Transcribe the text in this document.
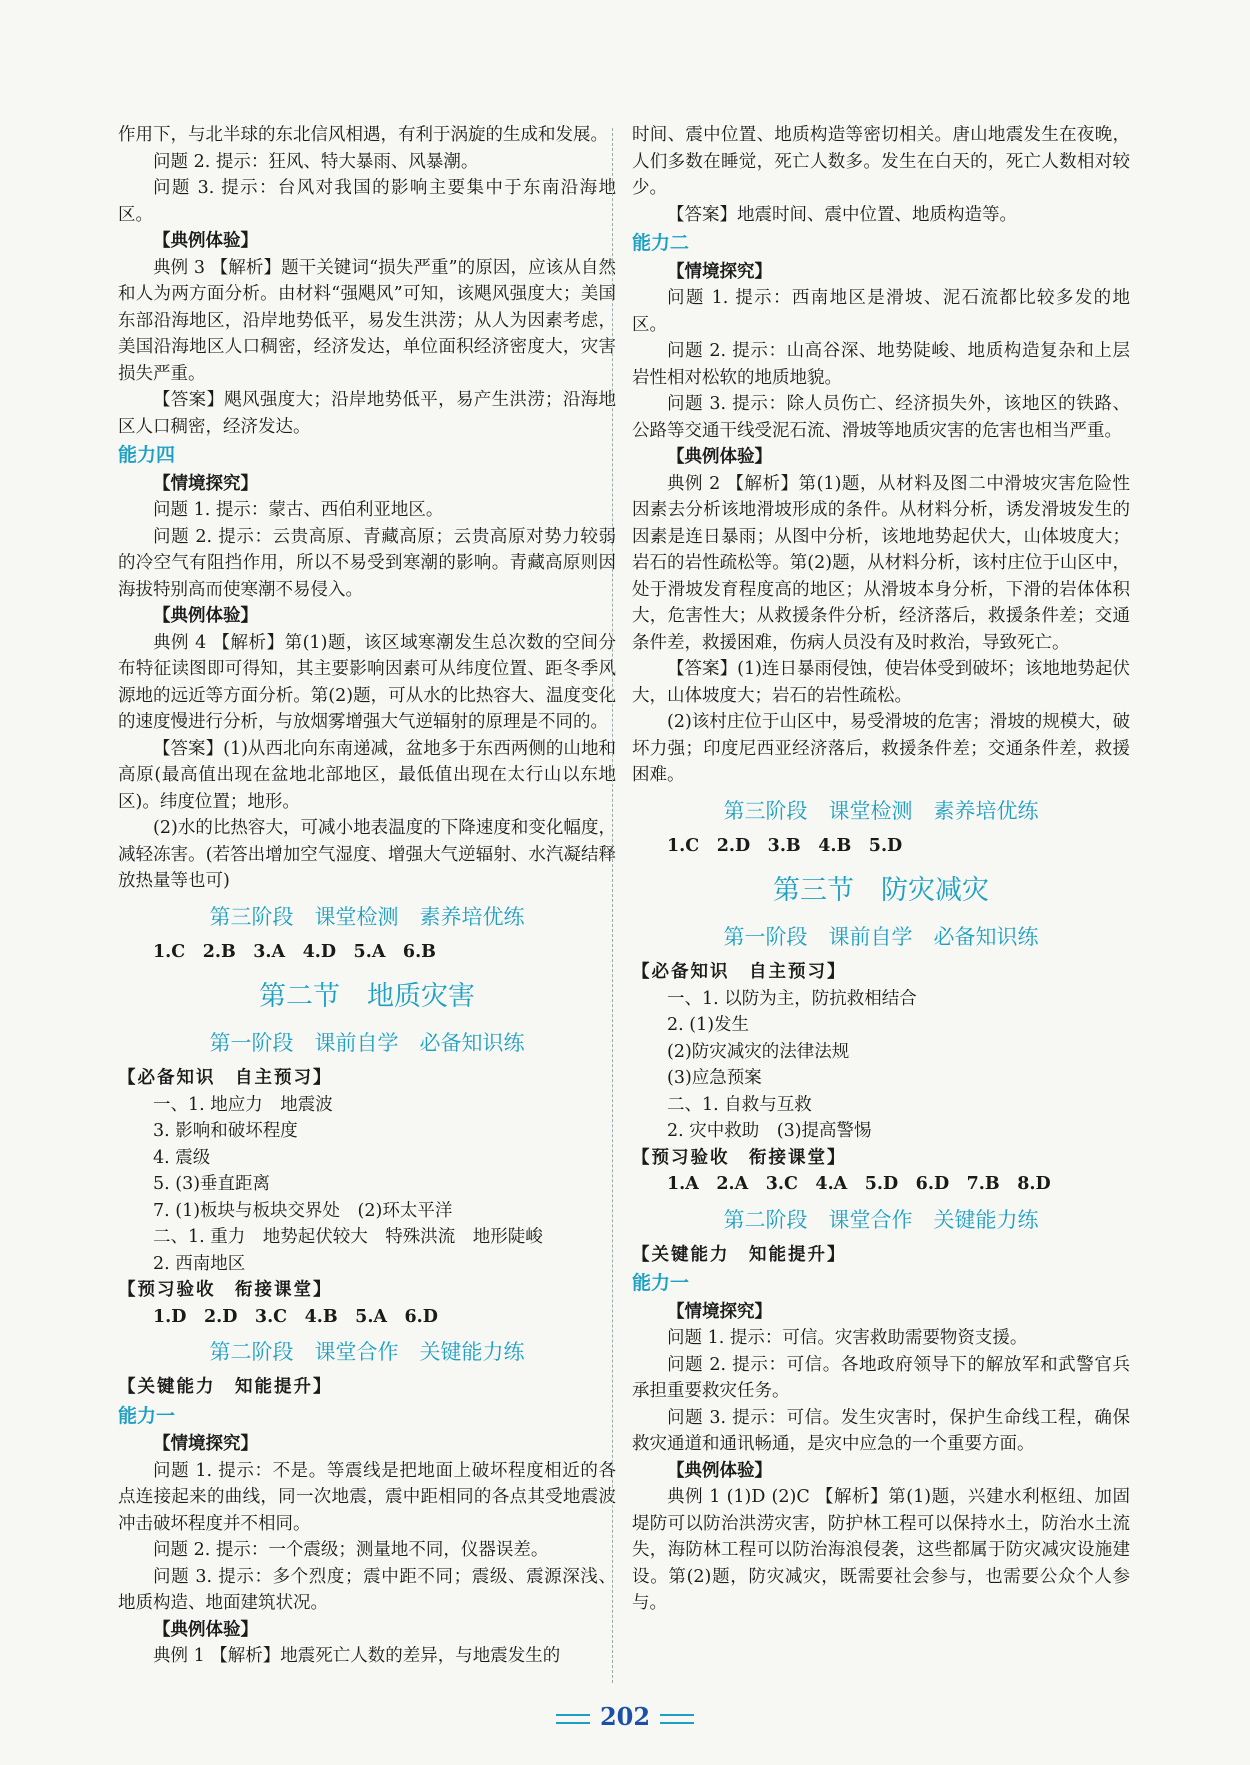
作用下，与北半球的东北信风相遇，有利于涡旋的生成和发展。
问题 2. 提示：狂风、特大暴雨、风暴潮。
问题 3. 提示：台风对我国的影响主要集中于东南沿海地区。
【典例体验】
典例 3 【解析】题干关键词“损失严重”的原因，应该从自然和人为两方面分析。由材料“强飓风”可知，该飓风强度大；美国东部沿海地区，沿岸地势低平，易发生洪涝；从人为因素考虑，美国沿海地区人口稠密，经济发达，单位面积经济密度大，灾害损失严重。
【答案】飓风强度大；沿岸地势低平，易产生洪涝；沿海地区人口稠密，经济发达。
能力四
【情境探究】
问题 1. 提示：蒙古、西伯利亚地区。
问题 2. 提示：云贵高原、青藏高原；云贵高原对势力较弱的冷空气有阻挡作用，所以不易受到寒潮的影响。青藏高原则因海拔特别高而使寒潮不易侵入。
【典例体验】
典例 4 【解析】第(1)题，该区域寒潮发生总次数的空间分布特征读图即可得知，其主要影响因素可从纬度位置、距冬季风源地的远近等方面分析。第(2)题，可从水的比热容大、温度变化的速度慢进行分析，与放烟雾增强大气逆辐射的原理是不同的。
【答案】(1)从西北向东南递减，盆地多于东西两侧的山地和高原(最高值出现在盆地北部地区，最低值出现在太行山以东地区)。纬度位置；地形。
(2)水的比热容大，可减小地表温度的下降速度和变化幅度，减轻冻害。(若答出增加空气湿度、增强大气逆辐射、水汽凝结释放热量等也可)
第三阶段　课堂检测　素养培优练
1.C　2.B　3.A　4.D　5.A　6.B
第二节　地质灾害
第一阶段　课前自学　必备知识练
【必备知识　自主预习】
一、1. 地应力　地震波
3. 影响和破坏程度
4. 震级
5. (3)垂直距离
7. (1)板块与板块交界处　(2)环太平洋
二、1. 重力　地势起伏较大　特殊洪流　地形陡峻
2. 西南地区
【预习验收　衔接课堂】
1.D　2.D　3.C　4.B　5.A　6.D
第二阶段　课堂合作　关键能力练
【关键能力　知能提升】
能力一
【情境探究】
问题 1. 提示：不是。等震线是把地面上破坏程度相近的各点连接起来的曲线，同一次地震，震中距相同的各点其受地震波冲击破坏程度并不相同。
问题 2. 提示：一个震级；测量地不同，仪器误差。
问题 3. 提示：多个烈度；震中距不同；震级、震源深浅、地质构造、地面建筑状况。
【典例体验】
典例 1 【解析】地震死亡人数的差异，与地震发生的
时间、震中位置、地质构造等密切相关。唐山地震发生在夜晚，人们多数在睡觉，死亡人数多。发生在白天的，死亡人数相对较少。
【答案】地震时间、震中位置、地质构造等。
能力二
【情境探究】
问题 1. 提示：西南地区是滑坡、泥石流都比较多发的地区。
问题 2. 提示：山高谷深、地势陡峻、地质构造复杂和上层岩性相对松软的地质地貌。
问题 3. 提示：除人员伤亡、经济损失外，该地区的铁路、公路等交通干线受泥石流、滑坡等地质灾害的危害也相当严重。
【典例体验】
典例 2 【解析】第(1)题，从材料及图二中滑坡灾害危险性因素去分析该地滑坡形成的条件。从材料分析，诱发滑坡发生的因素是连日暴雨；从图中分析，该地地势起伏大，山体坡度大；岩石的岩性疏松等。第(2)题，从材料分析，该村庄位于山区中，处于滑坡发育程度高的地区；从滑坡本身分析，下滑的岩体体积大，危害性大；从救援条件分析，经济落后，救援条件差；交通条件差，救援困难，伤病人员没有及时救治，导致死亡。
【答案】(1)连日暴雨侵蚀，使岩体受到破坏；该地地势起伏大，山体坡度大；岩石的岩性疏松。
(2)该村庄位于山区中，易受滑坡的危害；滑坡的规模大，破坏力强；印度尼西亚经济落后，救援条件差；交通条件差，救援困难。
第三阶段　课堂检测　素养培优练
1.C　2.D　3.B　4.B　5.D
第三节　防灾减灾
第一阶段　课前自学　必备知识练
【必备知识　自主预习】
一、1. 以防为主，防抗救相结合
2. (1)发生
(2)防灾减灾的法律法规
(3)应急预案
二、1. 自救与互救
2. 灾中救助　(3)提高警惕
【预习验收　衔接课堂】
1.A　2.A　3.C　4.A　5.D　6.D　7.B　8.D
第二阶段　课堂合作　关键能力练
【关键能力　知能提升】
能力一
【情境探究】
问题 1. 提示：可信。灾害救助需要物资支援。
问题 2. 提示：可信。各地政府领导下的解放军和武警官兵承担重要救灾任务。
问题 3. 提示：可信。发生灾害时，保护生命线工程，确保救灾通道和通讯畅通，是灾中应急的一个重要方面。
【典例体验】
典例 1 (1)D (2)C 【解析】第(1)题，兴建水利枢纽、加固堤防可以防治洪涝灾害，防护林工程可以保持水土，防治水土流失，海防林工程可以防治海浪侵袭，这些都属于防灾减灾设施建设。第(2)题，防灾减灾，既需要社会参与，也需要公众个人参与。
202
